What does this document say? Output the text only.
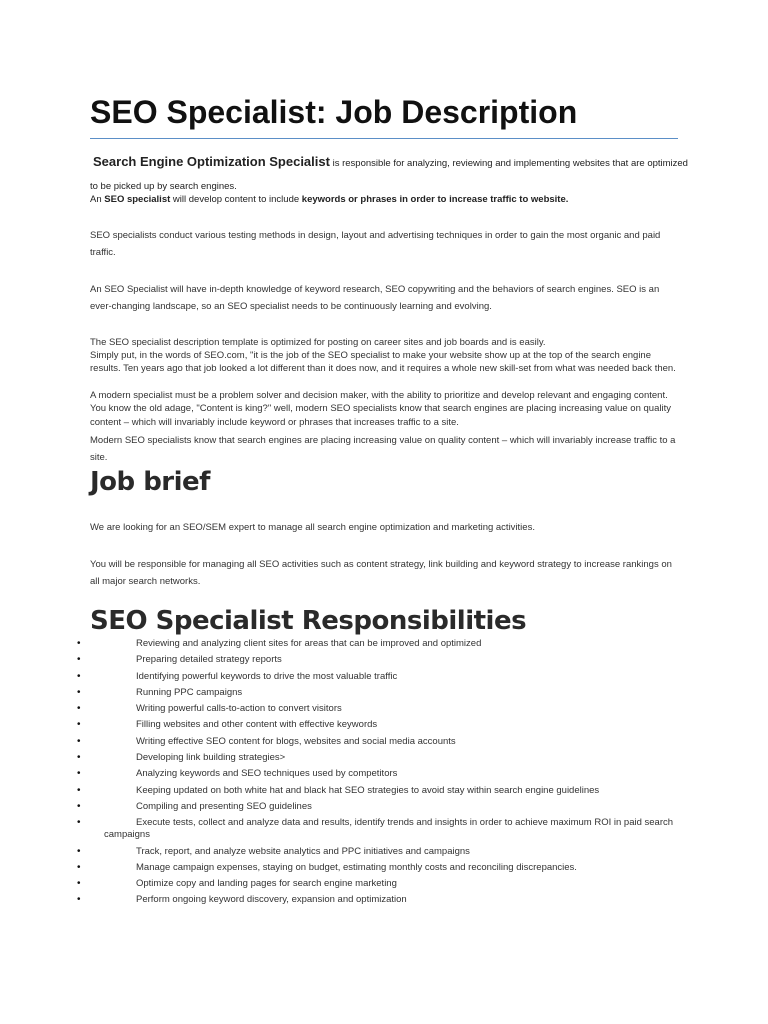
SEO Specialist: Job Description

Search Engine Optimization Specialist is responsible for analyzing, reviewing and implementing websites that are optimized to be picked up by search engines.

An SEO specialist will develop content to include keywords or phrases in order to increase traffic to website.

SEO specialists conduct various testing methods in design, layout and advertising techniques in order to gain the most organic and paid traffic.

An SEO Specialist will have in-depth knowledge of keyword research, SEO copywriting and the behaviors of search engines. SEO is an ever-changing landscape, so an SEO specialist needs to be continuously learning and evolving.

The SEO specialist description template is optimized for posting on career sites and job boards and is easily.

Simply put, in the words of SEO.com, "it is the job of the SEO specialist to make your website show up at the top of the search engine results. Ten years ago that job looked a lot different than it does now, and it requires a whole new skill-set from what was needed back then.

A modern specialist must be a problem solver and decision maker, with the ability to prioritize and develop relevant and engaging content. You know the old adage, "Content is king?" well, modern SEO specialists know that search engines are placing increasing value on quality content – which will invariably include keyword or phrases that increases traffic to a site.

Modern SEO specialists know that search engines are placing increasing value on quality content – which will invariably increase traffic to a site.

Job brief

We are looking for an SEO/SEM expert to manage all search engine optimization and marketing activities.

You will be responsible for managing all SEO activities such as content strategy, link building and keyword strategy to increase rankings on all major search networks.

SEO Specialist Responsibilities
•	Reviewing and analyzing client sites for areas that can be improved and optimized
•	Preparing detailed strategy reports
•	Identifying powerful keywords to drive the most valuable traffic
•	Running PPC campaigns
•	Writing powerful calls-to-action to convert visitors
•	Filling websites and other content with effective keywords
•	Writing effective SEO content for blogs, websites and social media accounts
•	Developing link building strategies>
•	Analyzing keywords and SEO techniques used by competitors
•	Keeping updated on both white hat and black hat SEO strategies to avoid stay within search engine guidelines
•	Compiling and presenting SEO guidelines
•	Execute tests, collect and analyze data and results, identify trends and insights in order to achieve maximum ROI in paid search campaigns
•	Track, report, and analyze website analytics and PPC initiatives and campaigns
•	Manage campaign expenses, staying on budget, estimating monthly costs and reconciling discrepancies.
•	Optimize copy and landing pages for search engine marketing
•	Perform ongoing keyword discovery, expansion and optimization
